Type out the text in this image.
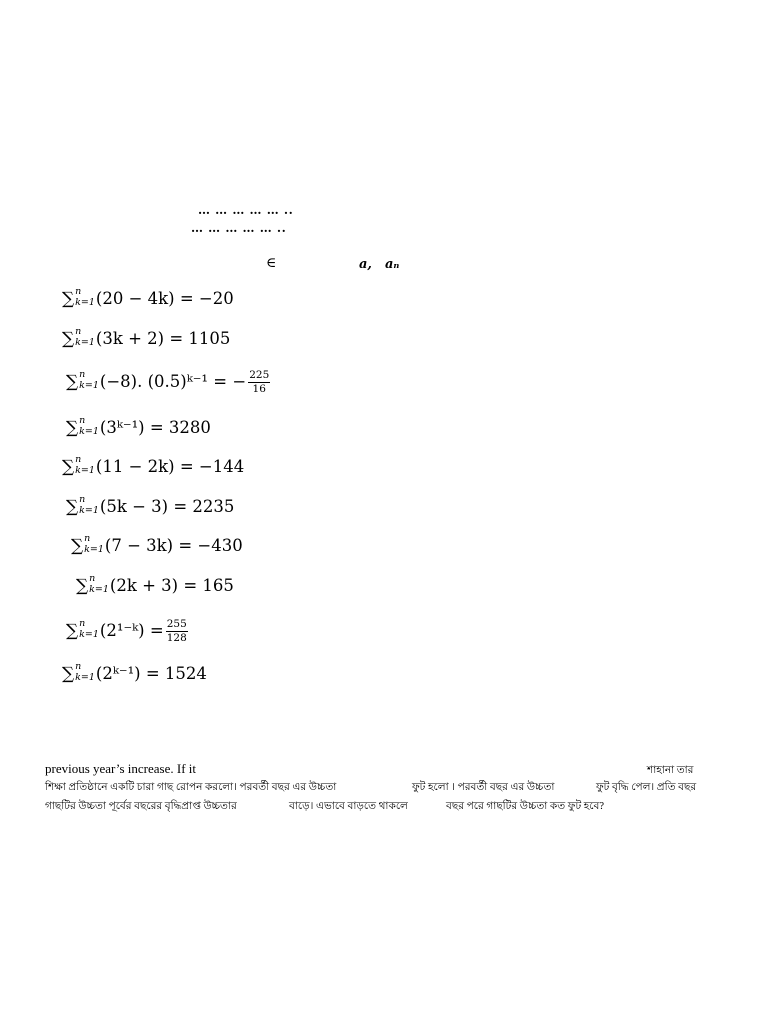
… … … … … ..
… … … … … ..
∈	a, aₙ
∑ n
k=1 (20 − 4k) = −20
∑ n
k=1 (3k + 2) = 1105
∑ n
k=1 (−8). (0.5)ᵏ⁻¹ = − $\frac{225}{16}$
∑ n
k=1 (3ᵏ⁻¹) = 3280
∑ n
k=1 (11 − 2k) = −144
∑ n
k=1 (5k − 3) = 2235
∑ n
k=1 (7 − 3k) = −430
∑ n
k=1 (2k + 3) = 165
∑ n
k=1 (2¹⁻ᵏ) = $\frac{255}{128}$
∑ n
k=1 (2ᵏ⁻¹) = 1524
previous year’s increase. If it	শাহানা তার
শিক্ষা প্রতিষ্ঠানে একটি চারা গাছ রোপন করলো। পরবর্তী বছর এর উচ্চতা	ফুট হলো । পরবর্তী বছর এর উচ্চতা	ফুট বৃদ্ধি পেল। প্রতি বছর
গাছটির উচ্চতা পূর্বের বছরের বৃদ্ধিপ্রাপ্ত উচ্চতার	বাড়ে। এভাবে বাড়তে থাকলে	বছর পরে গাছটির উচ্চতা কত ফুট হবে?
